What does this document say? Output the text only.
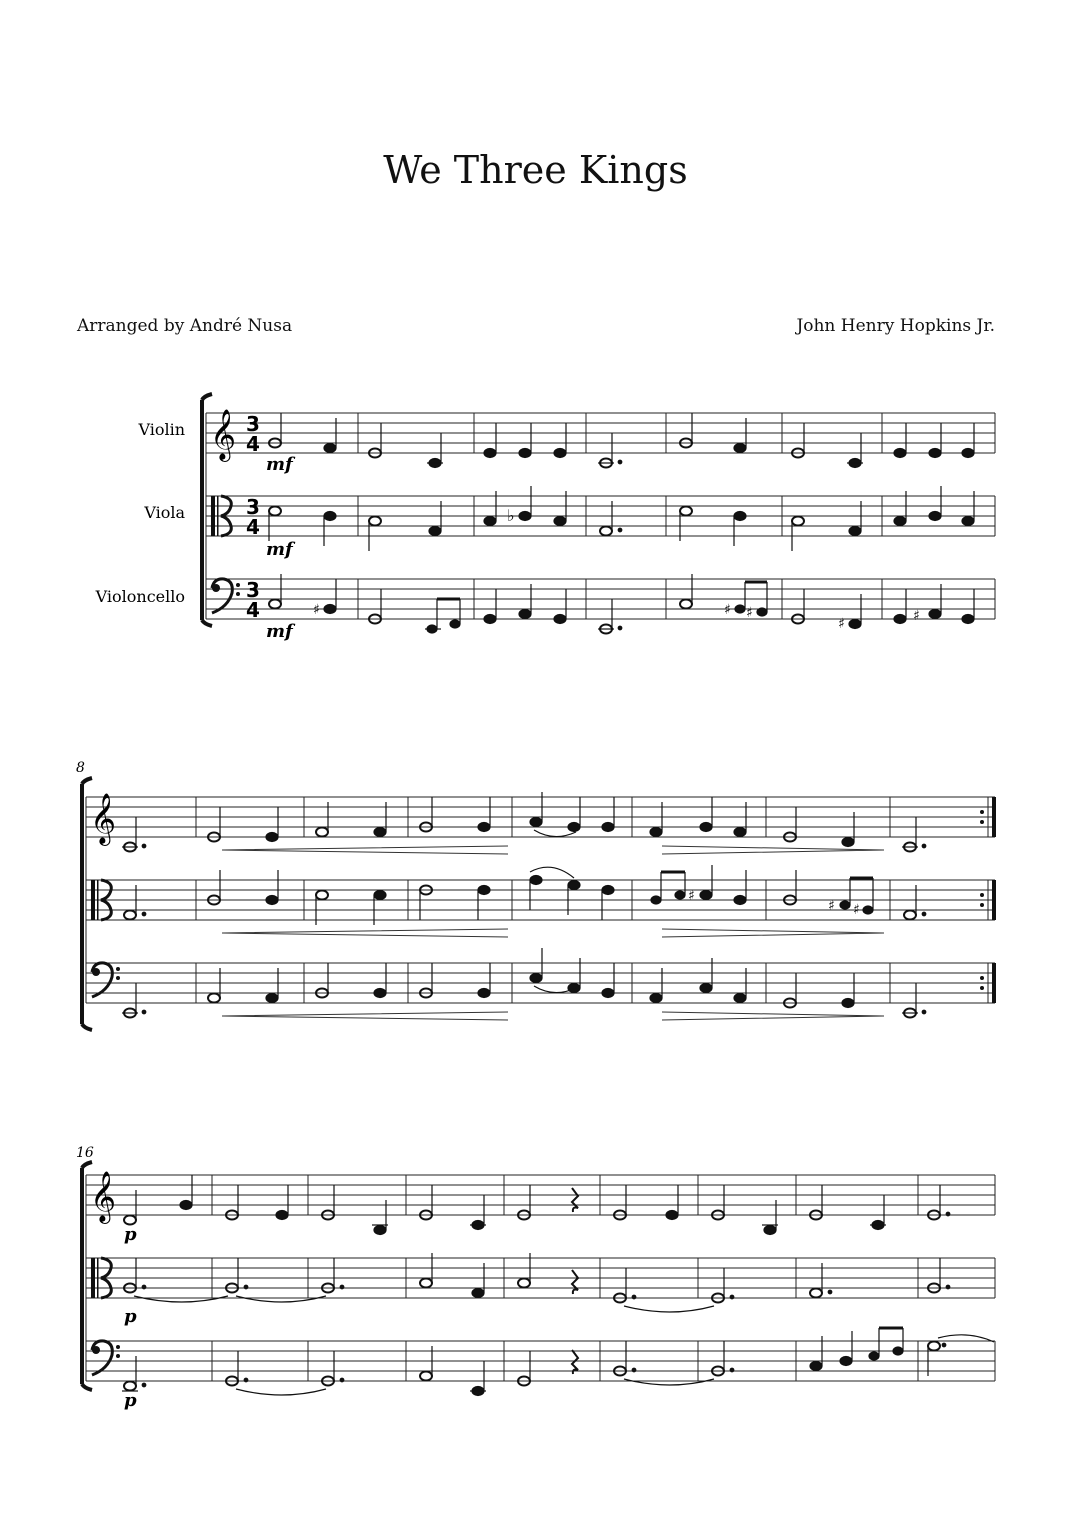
We Three Kings
Arranged by André Nusa	John Henry Hopkins Jr.
Violin
Viola
Violoncello
𝄞 3
4
3
4
3
4
mf
♭
mf
♯	♯ ♯
♯	♯
mf
8
𝄞
♯
♯ ♯
16
𝄞
p
p
p
